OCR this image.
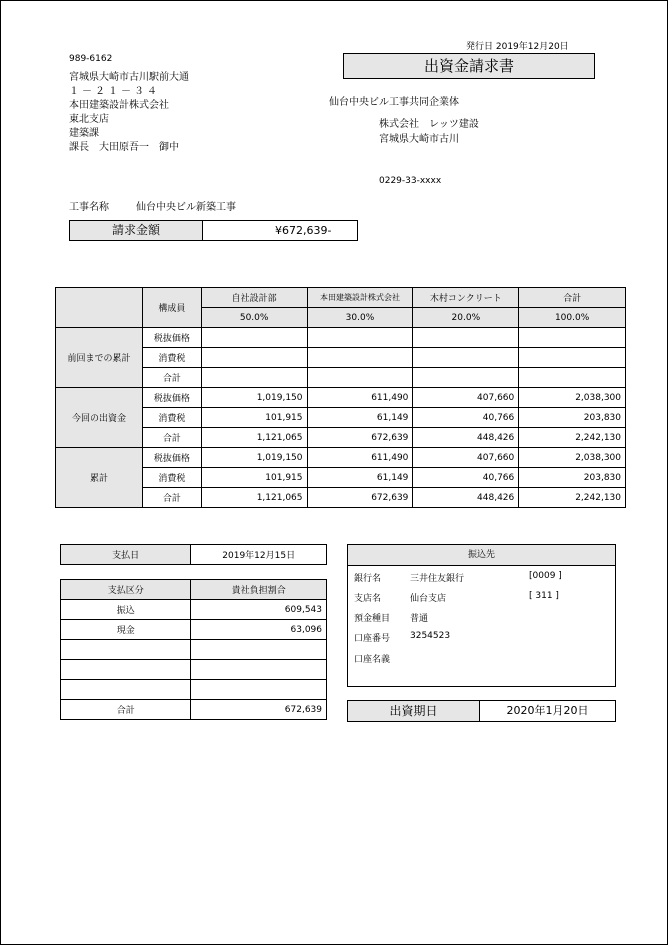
発行日 2019年12月20日
出資金請求書
989-6162
宮城県大崎市古川駅前大通
１－２１－３４
本田建築設計株式会社
東北支店
建築課
課長　大田原吾一　御中
仙台中央ビル工事共同企業体
株式会社　レッツ建設
宮城県大崎市古川
0229-33-xxxx
工事名称	仙台中央ビル新築工事
請求金額	¥672,639-
	構成員	自社設計部	本田建築設計株式会社	木村コンクリート	合計
		50.0%	30.0%	20.0%	100.0%
前回までの累計	税抜価格				
	消費税				
	合計				
今回の出資金	税抜価格	1,019,150	611,490	407,660	2,038,300
	消費税	101,915	61,149	40,766	203,830
	合計	1,121,065	672,639	448,426	2,242,130
累計	税抜価格	1,019,150	611,490	407,660	2,038,300
	消費税	101,915	61,149	40,766	203,830
	合計	1,121,065	672,639	448,426	2,242,130
支払日	2019年12月15日
支払区分	貴社負担割合
振込	609,543
現金	63,096

合計	672,639
振込先
銀行名	三井住友銀行	[0009 ]
支店名	仙台支店	[ 311 ]
預金種目 普通
口座番号 3254523
口座名義
出資期日	2020年1月20日
